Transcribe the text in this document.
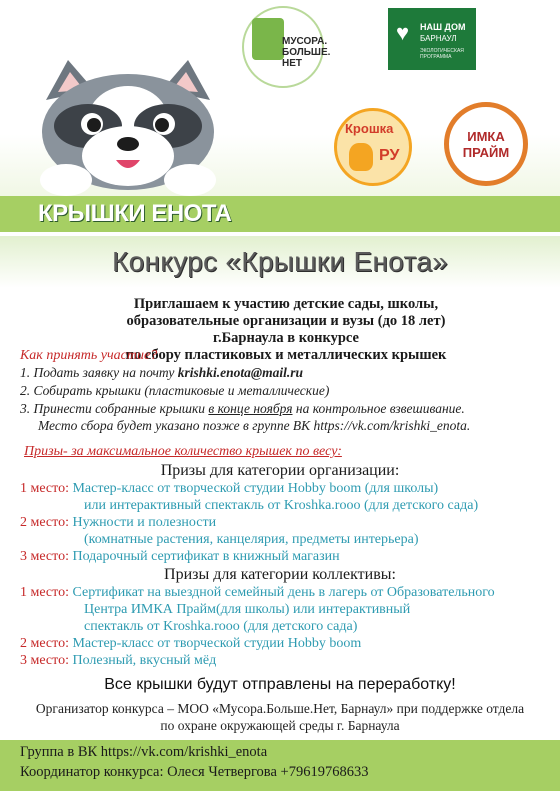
КРЫШКИ ЕНОТА
МУСОРА.
БОЛЬШЕ.
НЕТ
♥ НАШ ДОМ
БАРНАУЛ
ЭКОЛОГИЧЕСКАЯ ПРОГРАММА
Крошка
РУ
ИМКА
ПРАЙМ
Конкурс «Крышки Енота»
Приглашаем к участию детские сады, школы,
образовательные организации и вузы (до 18 лет) г.Барнаула в конкурсе
по сбору пластиковых и металлических крышек
Как принять участие?
1. Подать заявку на почту krishki.enota@mail.ru
2. Собирать крышки (пластиковые и металлические)
3. Принести собранные крышки в конце ноября на контрольное взвешивание.
Место сбора будет указано позже в группе ВК https://vk.com/krishki_enota.
Призы- за максимальное количество крышек по весу:
Призы для категории организации:
1 место: Мастер-класс от творческой студии Hobby boom (для школы)
или интерактивный спектакль от Kroshka.rooo (для детского сада)
2 место: Нужности и полезности
(комнатные растения, канцелярия, предметы интерьера)
3 место: Подарочный сертификат в книжный магазин
Призы для категории коллективы:
1 место: Сертификат на выездной семейный день в лагерь от Образовательного
Центра ИМКА Прайм(для школы) или интерактивный
спектакль от Kroshka.rooo (для детского сада)
2 место: Мастер-класс от творческой студии Hobby boom
3 место: Полезный, вкусный мёд
Все крышки будут отправлены на переработку!
Организатор конкурса – МОО «Мусора.Больше.Нет, Барнаул» при поддержке отдела
по охране окружающей среды г. Барнаула
Группа в ВК https://vk.com/krishki_enota
Координатор конкурса: Олеся Четвергова +79619768633
